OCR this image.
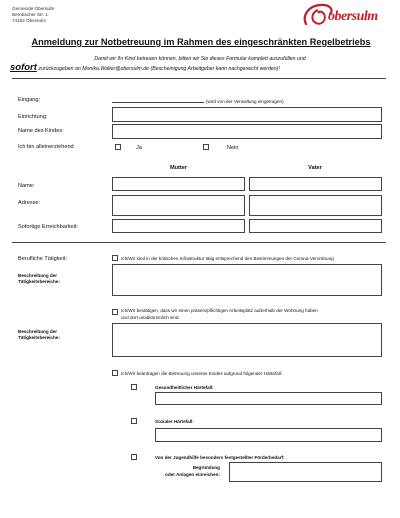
Gemeinde Obersulm
Bernbacher Str. 1
74182 Obersulm	obersulm
Anmeldung zur Notbetreuung im Rahmen des eingeschränkten Regelbetriebs
Damit wir Ihr Kind betreuen können, bitten wir Sie dieses Formular komplett auszufüllen und
sofort zurückzugeben an Monika.Walter@obersulm.de (Bescheinigung Arbeitgeber kann nachgereicht werden)!
Eingang:	(wird von der Verwaltung eingetragen)
Einrichtung:
Name des Kindes:
Ich bin alleinerziehend	Ja	Nein
Mutter	Vater
Name:
Adresse:
Sofortige Erreichbarkeit:
Berufliche Tätigkeit:	Ich/Wir sind in der kritischen Infrastruktur tätig entsprechend den Bestimmungen der Corona-Verordnung
Beschreibung der Tätigkeitsbereiche:
Ich/Wir bestätigen, dass wir einen präsenzpflichtigen Arbeitsplatz außerhalb der Wohnung haben
und dort unabkömmlich sind.
Beschreibung der Tätigkeitsbereiche:
Ich/Wir beantragen die Betreuung unseres Kindes aufgrund folgender Härtefall:
Gesundheitlicher Härtefall:
Sozialer Härtefall:
Von der Jugendhilfe besonders festgestellter Förderbedarf:
Begründung
oder Anlagen einreichen:
